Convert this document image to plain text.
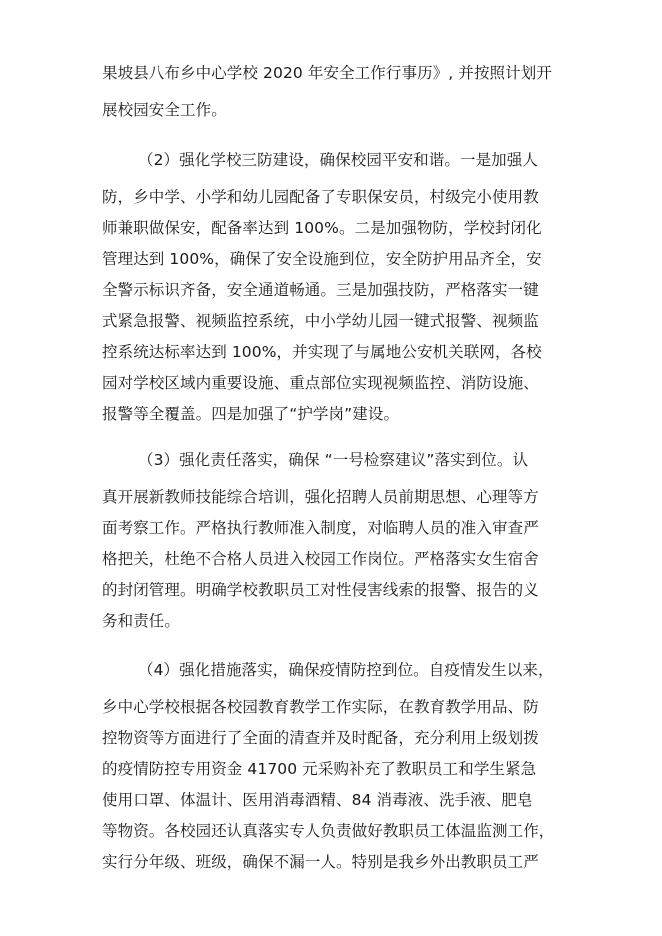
果坡县八布乡中心学校 2020 年安全工作行事历》, 并按照计划开
展校园安全工作。
（2）强化学校三防建设，确保校园平安和谐。一是加强人
防，乡中学、小学和幼儿园配备了专职保安员，村级完小使用教
师兼职做保安，配备率达到 100%。二是加强物防，学校封闭化
管理达到 100%，确保了安全设施到位，安全防护用品齐全，安
全警示标识齐备，安全通道畅通。三是加强技防，严格落实一键
式紧急报警、视频监控系统，中小学幼儿园一键式报警、视频监
控系统达标率达到 100%，并实现了与属地公安机关联网，各校
园对学校区域内重要设施、重点部位实现视频监控、消防设施、
报警等全覆盖。四是加强了“护学岗”建设。
（3）强化责任落实，确保 “一号检察建议”落实到位。认
真开展新教师技能综合培训，强化招聘人员前期思想、心理等方
面考察工作。严格执行教师准入制度，对临聘人员的准入审查严
格把关，杜绝不合格人员进入校园工作岗位。严格落实女生宿舍
的封闭管理。明确学校教职员工对性侵害线索的报警、报告的义
务和责任。
（4）强化措施落实，确保疫情防控到位。自疫情发生以来，
乡中心学校根据各校园教育教学工作实际，在教育教学用品、防
控物资等方面进行了全面的清查并及时配备，充分利用上级划拨
的疫情防控专用资金 41700 元采购补充了教职员工和学生紧急
使用口罩、体温计、医用消毒酒精、84 消毒液、洗手液、肥皂
等物资。各校园还认真落实专人负责做好教职员工体温监测工作，
实行分年级、班级，确保不漏一人。特别是我乡外出教职员工严
